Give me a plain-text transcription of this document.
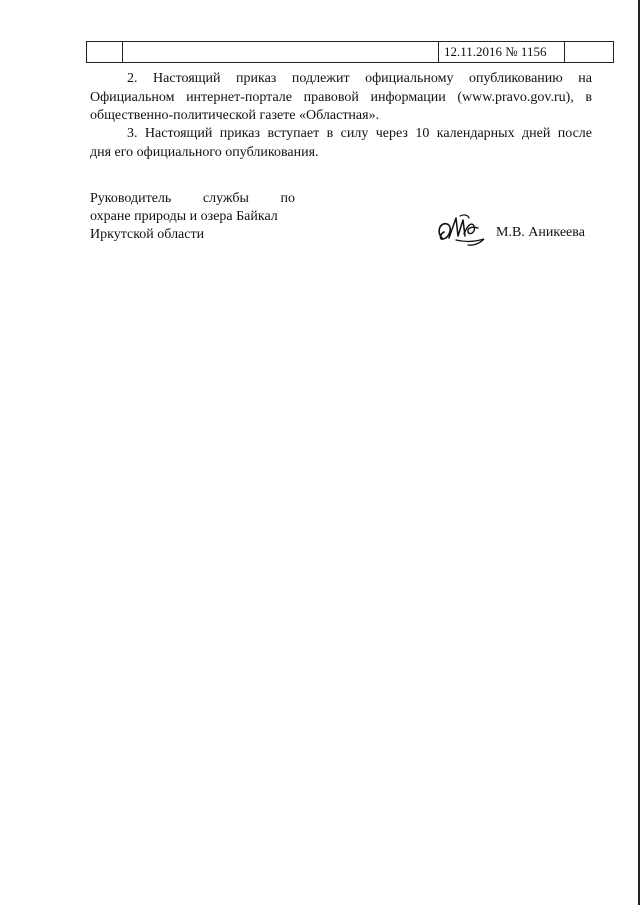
12.11.2016 № 1156
2. Настоящий приказ подлежит официальному опубликованию на
Официальном интернет-портале правовой информации (www.pravo.gov.ru), в
общественно-политической газете «Областная».
3. Настоящий приказ вступает в силу через 10 календарных дней после
дня его официального опубликования.
Руководитель службы по
охране природы и озера Байкал
Иркутской области	М.В. Аникеева
